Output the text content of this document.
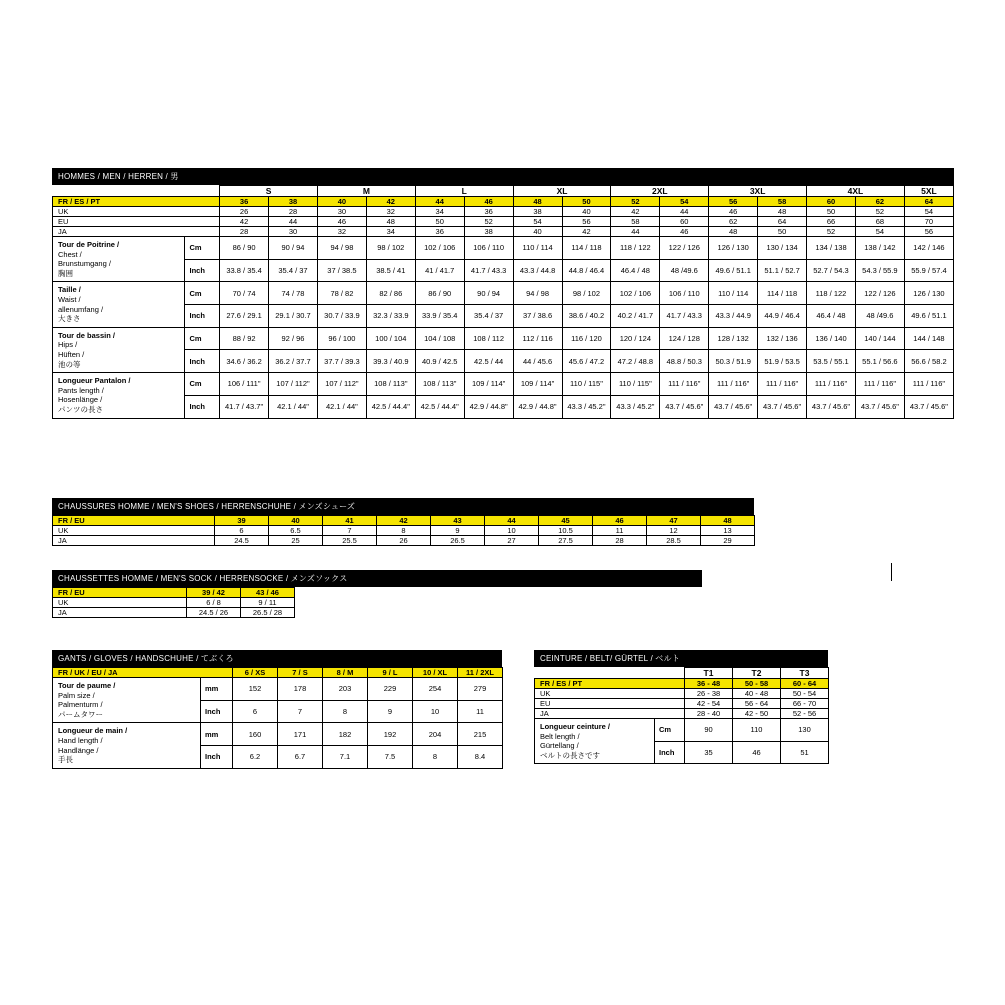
HOMMES / MEN / HERREN / 男
		S		M		L		XL		2XL		3XL		4XL		5XL
FR / ES / PT		36	38	40	42	44	46	48	50	52	54	56	58	60	62	64
UK		26	28	30	32	34	36	38	40	42	44	46	48	50	52	54
EU		42	44	46	48	50	52	54	56	58	60	62	64	66	68	70
JA		28	30	32	34	36	38	40	42	44	46	48	50	52	54	56
Tour de Poitrine /
Chest /
Brunstumgang /
胸囲	Cm	86 / 90	90 / 94	94 / 98	98 / 102	102 / 106	106 / 110	110 / 114	114 / 118	118 / 122	122 / 126	126 / 130	130 / 134	134 / 138	138 / 142	142 / 146
	Inch	33.8 / 35.4	35.4 / 37	37 / 38.5	38.5 / 41	41 / 41.7	41.7 / 43.3	43.3 / 44.8	44.8 / 46.4	46.4 / 48	48 /49.6	49.6 / 51.1	51.1 / 52.7	52.7 / 54.3	54.3 / 55.9	55.9 / 57.4
Taille /
Waist /
allenumfang /
大きさ	Cm	70 / 74	74 / 78	78 / 82	82 / 86	86 / 90	90 / 94	94 / 98	98 / 102	102 / 106	106 / 110	110 / 114	114 / 118	118 / 122	122 / 126	126 / 130
	Inch	27.6 / 29.1	29.1 / 30.7	30.7 / 33.9	32.3 / 33.9	33.9 / 35.4	35.4 / 37	37 / 38.6	38.6 / 40.2	40.2 / 41.7	41.7 / 43.3	43.3 / 44.9	44.9 / 46.4	46.4 / 48	48 /49.6	49.6 / 51.1
Tour de bassin /
Hips /
Hüften /
池の等	Cm	88 / 92	92 / 96	96 / 100	100 / 104	104 / 108	108 / 112	112 / 116	116 / 120	120 / 124	124 / 128	128 / 132	132 / 136	136 / 140	140 / 144	144 / 148
	Inch	34.6 / 36.2	36.2 / 37.7	37.7 / 39.3	39.3 / 40.9	40.9 / 42.5	42.5 / 44	44 / 45.6	45.6 / 47.2	47.2 / 48.8	48.8 / 50.3	50.3 / 51.9	51.9 / 53.5	53.5 / 55.1	55.1 / 56.6	56.6 / 58.2
Longueur Pantalon /
Pants length /
Hosenlänge /
パンツの長さ	Cm	106 / 111"	107 / 112"	107 / 112"	108 / 113"	108 / 113"	109 / 114"	109 / 114"	110 / 115"	110 / 115"	111 / 116"	111 / 116"	111 / 116"	111 / 116"	111 / 116"	111 / 116"
	Inch	41.7 / 43.7"	42.1 / 44"	42.1 / 44"	42.5 / 44.4"	42.5 / 44.4"	42.9 / 44.8"	42.9 / 44.8"	43.3 / 45.2"	43.3 / 45.2"	43.7 / 45.6"	43.7 / 45.6"	43.7 / 45.6"	43.7 / 45.6"	43.7 / 45.6"	43.7 / 45.6"
CHAUSSURES HOMME / MEN'S SHOES / HERRENSCHUHE / メンズシューズ
FR / EU	39	40	41	42	43	44	45	46	47	48
UK	6	6.5	7	8	9	10	10.5	11	12	13
JA	24.5	25	25.5	26	26.5	27	27.5	28	28.5	29
CHAUSSETTES HOMME / MEN'S SOCK / HERRENSOCKE / メンズソックス
FR / EU	39 / 42	43 / 46
UK	6 / 8	9 / 11
JA	24.5 / 26	26.5 / 28
GANTS / GLOVES / HANDSCHUHE / てぶくろ
FR / UK / EU / JA		6 / XS	7 / S	8 / M	9 / L	10 / XL	11 / 2XL
Tour de paume /
Palm size /
Palmenturm /
パームタワー	mm	152	178	203	229	254	279
	Inch	6	7	8	9	10	11
Longueur de main /
Hand length /
Handlänge /
手長	mm	160	171	182	192	204	215
	Inch	6.2	6.7	7.1	7.5	8	8.4
CEINTURE / BELT/ GÜRTEL / ベルト
		T1	T2	T3
FR / ES / PT		36 - 48	50 - 58	60 - 64
UK		26 - 38	40 - 48	50 - 54
EU		42 - 54	56 - 64	66 - 70
JA		28 - 40	42 - 50	52 - 56
Longueur ceinture /
Belt length /
Gürtellang /
ベルトの長さです	Cm	90	110	130
	Inch	35	46	51
